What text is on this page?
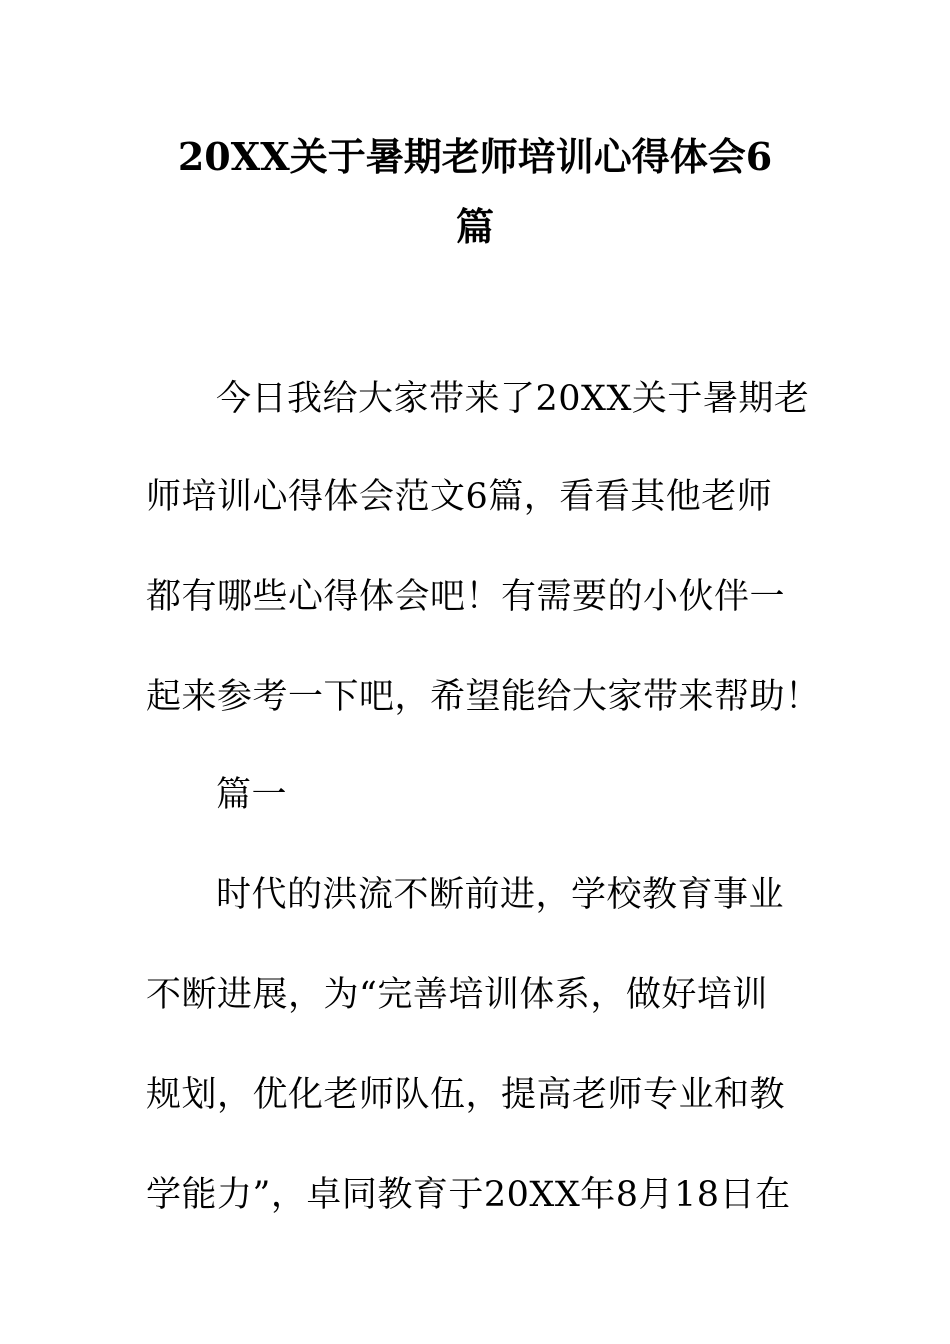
20XX关于暑期老师培训心得体会6
篇
今日我给大家带来了20XX关于暑期老
师培训心得体会范文6篇，看看其他老师
都有哪些心得体会吧！有需要的小伙伴一
起来参考一下吧，希望能给大家带来帮助！
篇一
时代的洪流不断前进，学校教育事业
不断进展，为“完善培训体系，做好培训
规划，优化老师队伍，提高老师专业和教
学能力”，卓同教育于20XX年8月18日在
